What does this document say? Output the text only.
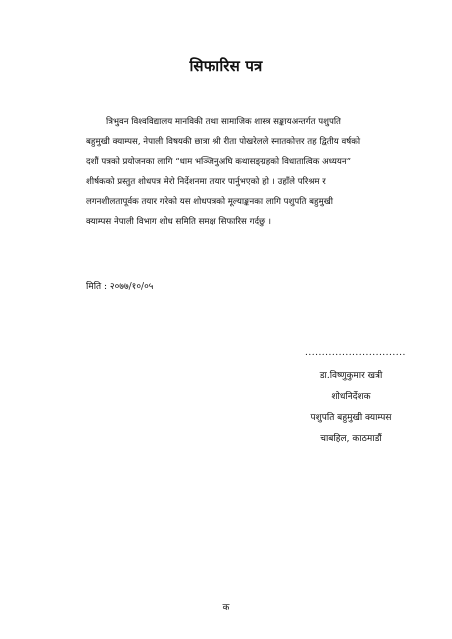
सिफारिस पत्र
त्रिभुवन विश्वविद्यालय मानविकी तथा सामाजिक शास्त्र सङ्कायअन्तर्गत पशुपति
बहुमुखी क्याम्पस, नेपाली विषयकी छात्रा श्री रीता पोखरेलले स्नातकोत्तर तह द्वितीय वर्षको
दशौं पत्रको प्रयोजनका लागि “धाम भञ्जिनुअघि कथासङ्ग्रहको विधातात्विक अध्ययन”
शीर्षकको प्रस्तुत शोधपत्र मेरो निर्देशनमा तयार पार्नुभएको हो । उहाँले परिश्रम र
लगनशीलतापूर्वक तयार गरेको यस शोधपत्रको मूल्याङ्कनका लागि पशुपति बहुमुखी
क्याम्पस नेपाली विभाग शोध समिति समक्ष सिफारिस गर्दछु ।
मिति : २०७७/१०/०५
..............................
डा.विष्णुकुमार खत्री
शोधनिर्देशक
पशुपति बहुमुखी क्याम्पस
चाबहिल, काठमाडौं
क
